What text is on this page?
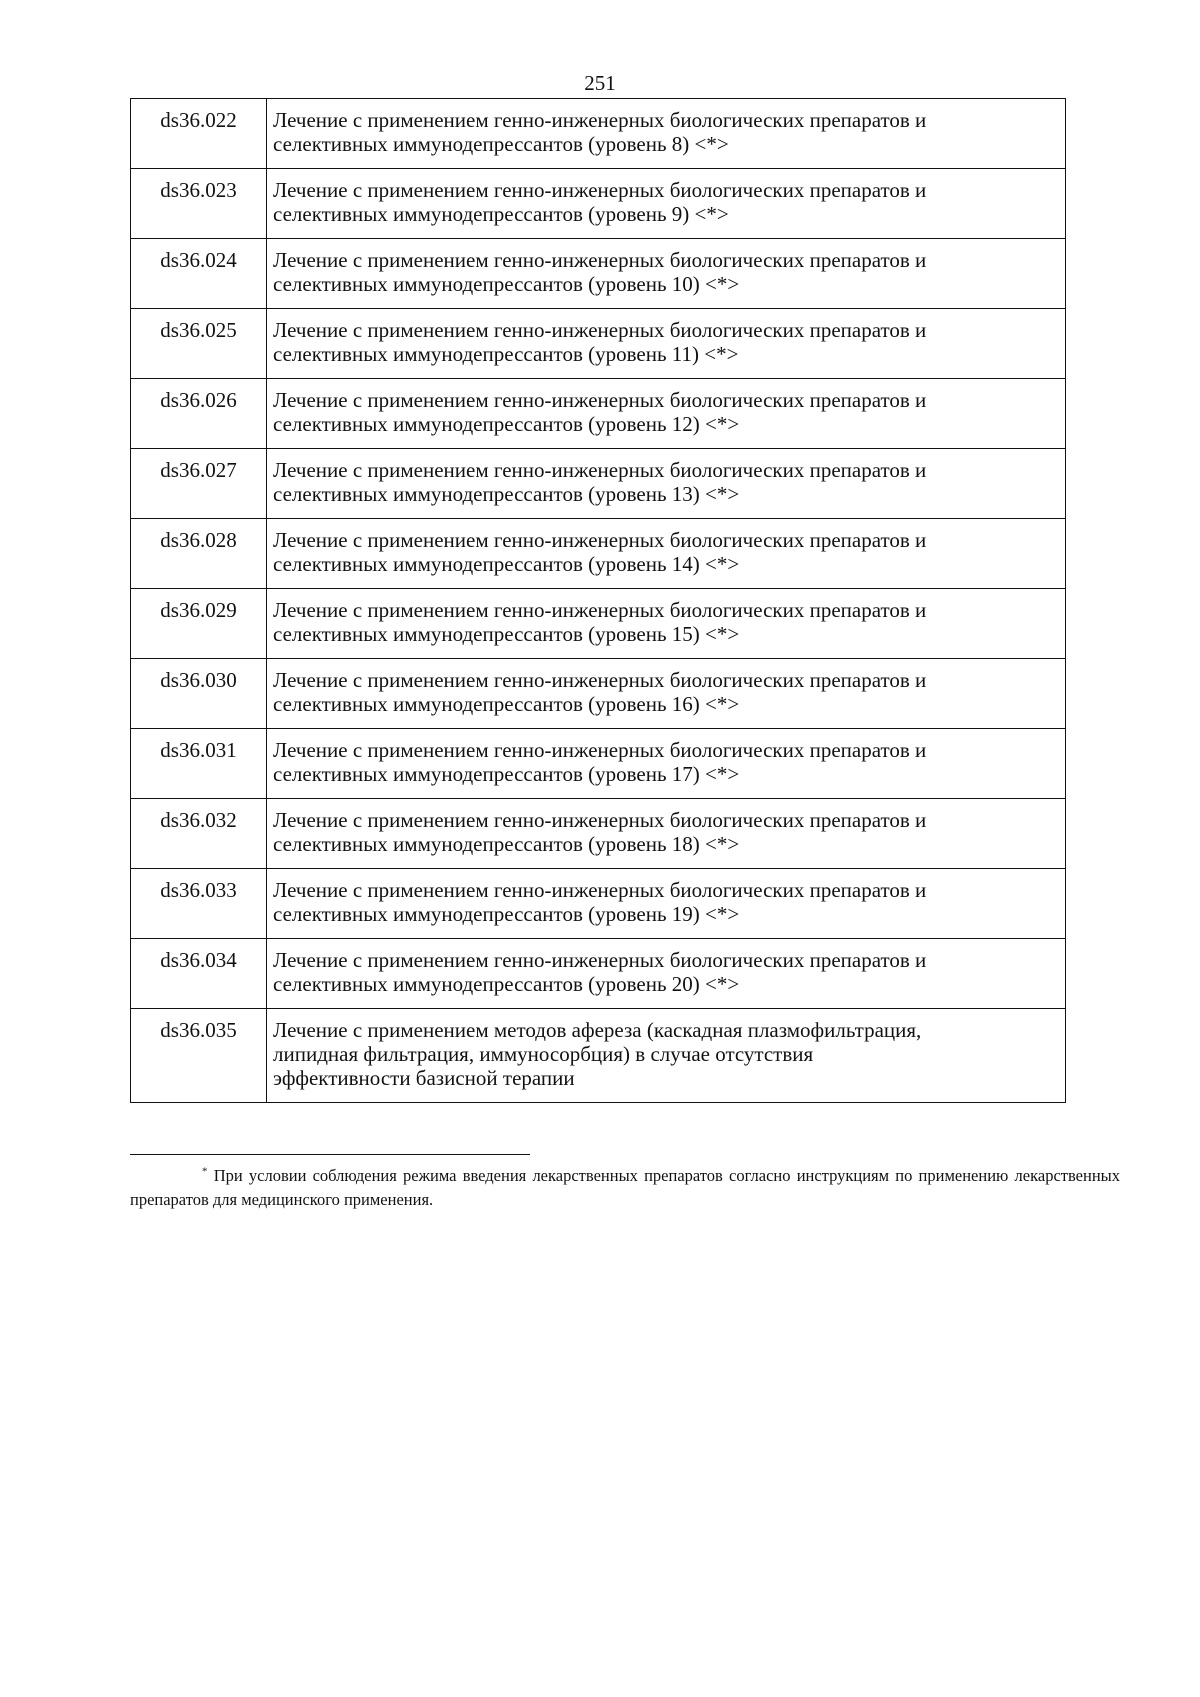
251
ds36.022	Лечение с применением генно-инженерных биологических препаратов и
селективных иммунодепрессантов (уровень 8) <*>

ds36.023	Лечение с применением генно-инженерных биологических препаратов и
селективных иммунодепрессантов (уровень 9) <*>

ds36.024	Лечение с применением генно-инженерных биологических препаратов и
селективных иммунодепрессантов (уровень 10) <*>

ds36.025	Лечение с применением генно-инженерных биологических препаратов и
селективных иммунодепрессантов (уровень 11) <*>

ds36.026	Лечение с применением генно-инженерных биологических препаратов и
селективных иммунодепрессантов (уровень 12) <*>

ds36.027	Лечение с применением генно-инженерных биологических препаратов и
селективных иммунодепрессантов (уровень 13) <*>

ds36.028	Лечение с применением генно-инженерных биологических препаратов и
селективных иммунодепрессантов (уровень 14) <*>

ds36.029	Лечение с применением генно-инженерных биологических препаратов и
селективных иммунодепрессантов (уровень 15) <*>

ds36.030	Лечение с применением генно-инженерных биологических препаратов и
селективных иммунодепрессантов (уровень 16) <*>

ds36.031	Лечение с применением генно-инженерных биологических препаратов и
селективных иммунодепрессантов (уровень 17) <*>

ds36.032	Лечение с применением генно-инженерных биологических препаратов и
селективных иммунодепрессантов (уровень 18) <*>

ds36.033	Лечение с применением генно-инженерных биологических препаратов и
селективных иммунодепрессантов (уровень 19) <*>

ds36.034	Лечение с применением генно-инженерных биологических препаратов и
селективных иммунодепрессантов (уровень 20) <*>

ds36.035	Лечение с применением методов афереза (каскадная плазмофильтрация,
липидная фильтрация, иммуносорбция) в случае отсутствия
эффективности базисной терапии
* При условии соблюдения режима введения лекарственных препаратов согласно инструкциям по применению лекарственных препаратов для медицинского применения.
